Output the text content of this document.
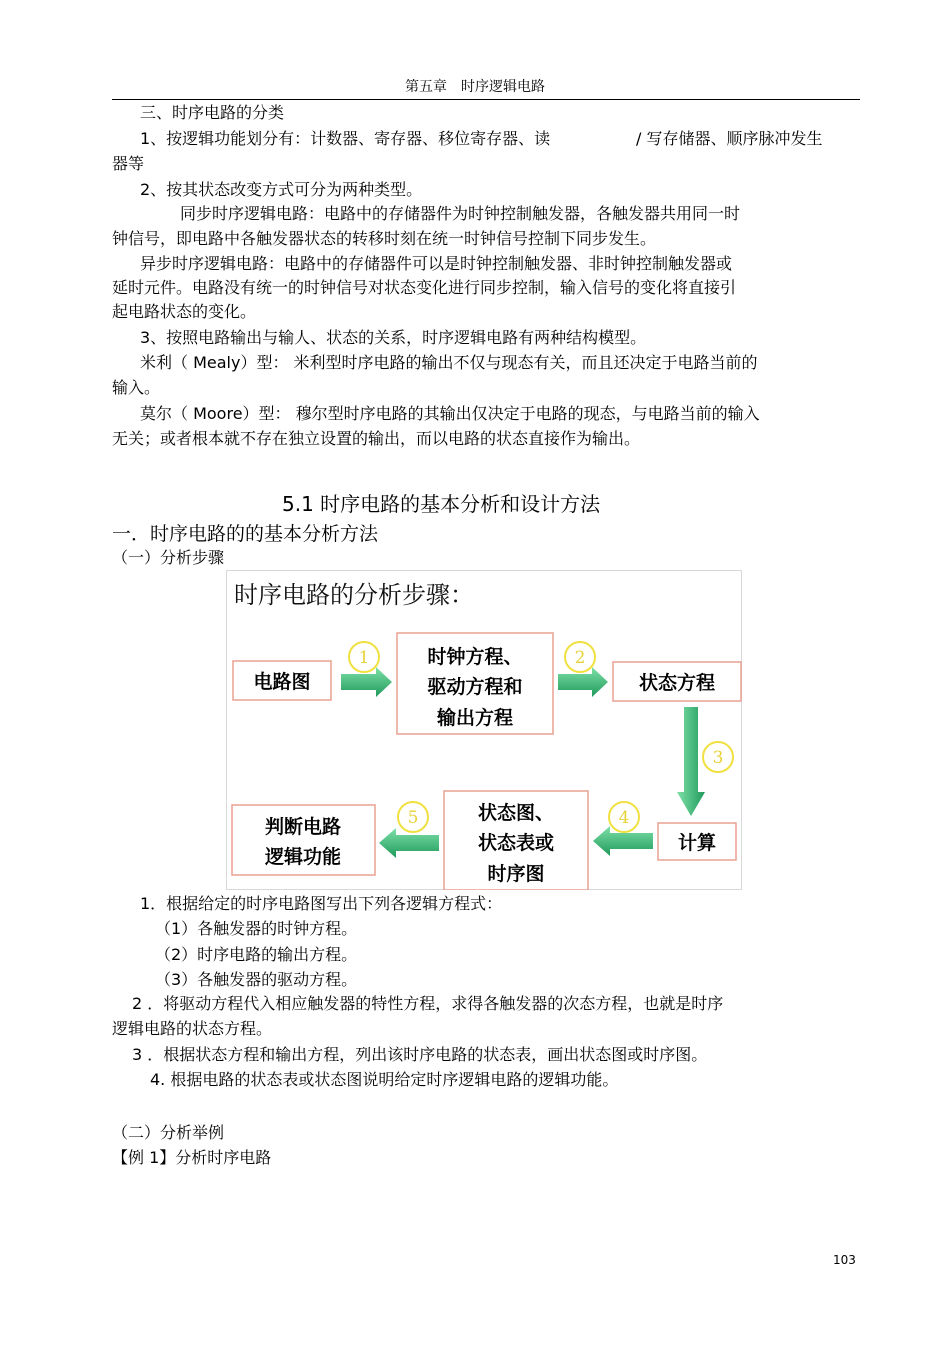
第五章　时序逻辑电路
三、时序电路的分类
1、按逻辑功能划分有：计数器、寄存器、移位寄存器、读	/ 写存储器、顺序脉冲发生
器等
2、按其状态改变方式可分为两种类型。
同步时序逻辑电路：电路中的存储器件为时钟控制触发器，各触发器共用同一时
钟信号，即电路中各触发器状态的转移时刻在统一时钟信号控制下同步发生。
异步时序逻辑电路：电路中的存储器件可以是时钟控制触发器、非时钟控制触发器或
延时元件。电路没有统一的时钟信号对状态变化进行同步控制，输入信号的变化将直接引
起电路状态的变化。
3、按照电路输出与输人、状态的关系，时序逻辑电路有两种结构模型。
米利（ Mealy）型： 米利型时序电路的输出不仅与现态有关，而且还决定于电路当前的
输入。
莫尔（ Moore）型： 穆尔型时序电路的其输出仅决定于电路的现态，与电路当前的输入
无关；或者根本就不存在独立设置的输出，而以电路的状态直接作为输出。
5.1 时序电路的基本分析和设计方法
一．时序电路的的基本分析方法
（一）分析步骤
时序电路的分析步骤：
电路图
1	时钟方程、
驱动方程和
输出方程
2
状态方程
3
计算
4
状态图、
状态表或
时序图
5
判断电路
逻辑功能
1．根据给定的时序电路图写出下列各逻辑方程式：
（1）各触发器的时钟方程。
（2）时序电路的输出方程。
（3）各触发器的驱动方程。
2 ．将驱动方程代入相应触发器的特性方程，求得各触发器的次态方程，也就是时序
逻辑电路的状态方程。
3 ．根据状态方程和输出方程，列出该时序电路的状态表，画出状态图或时序图。
4. 根据电路的状态表或状态图说明给定时序逻辑电路的逻辑功能。
（二）分析举例
【例 1】分析时序电路
103
